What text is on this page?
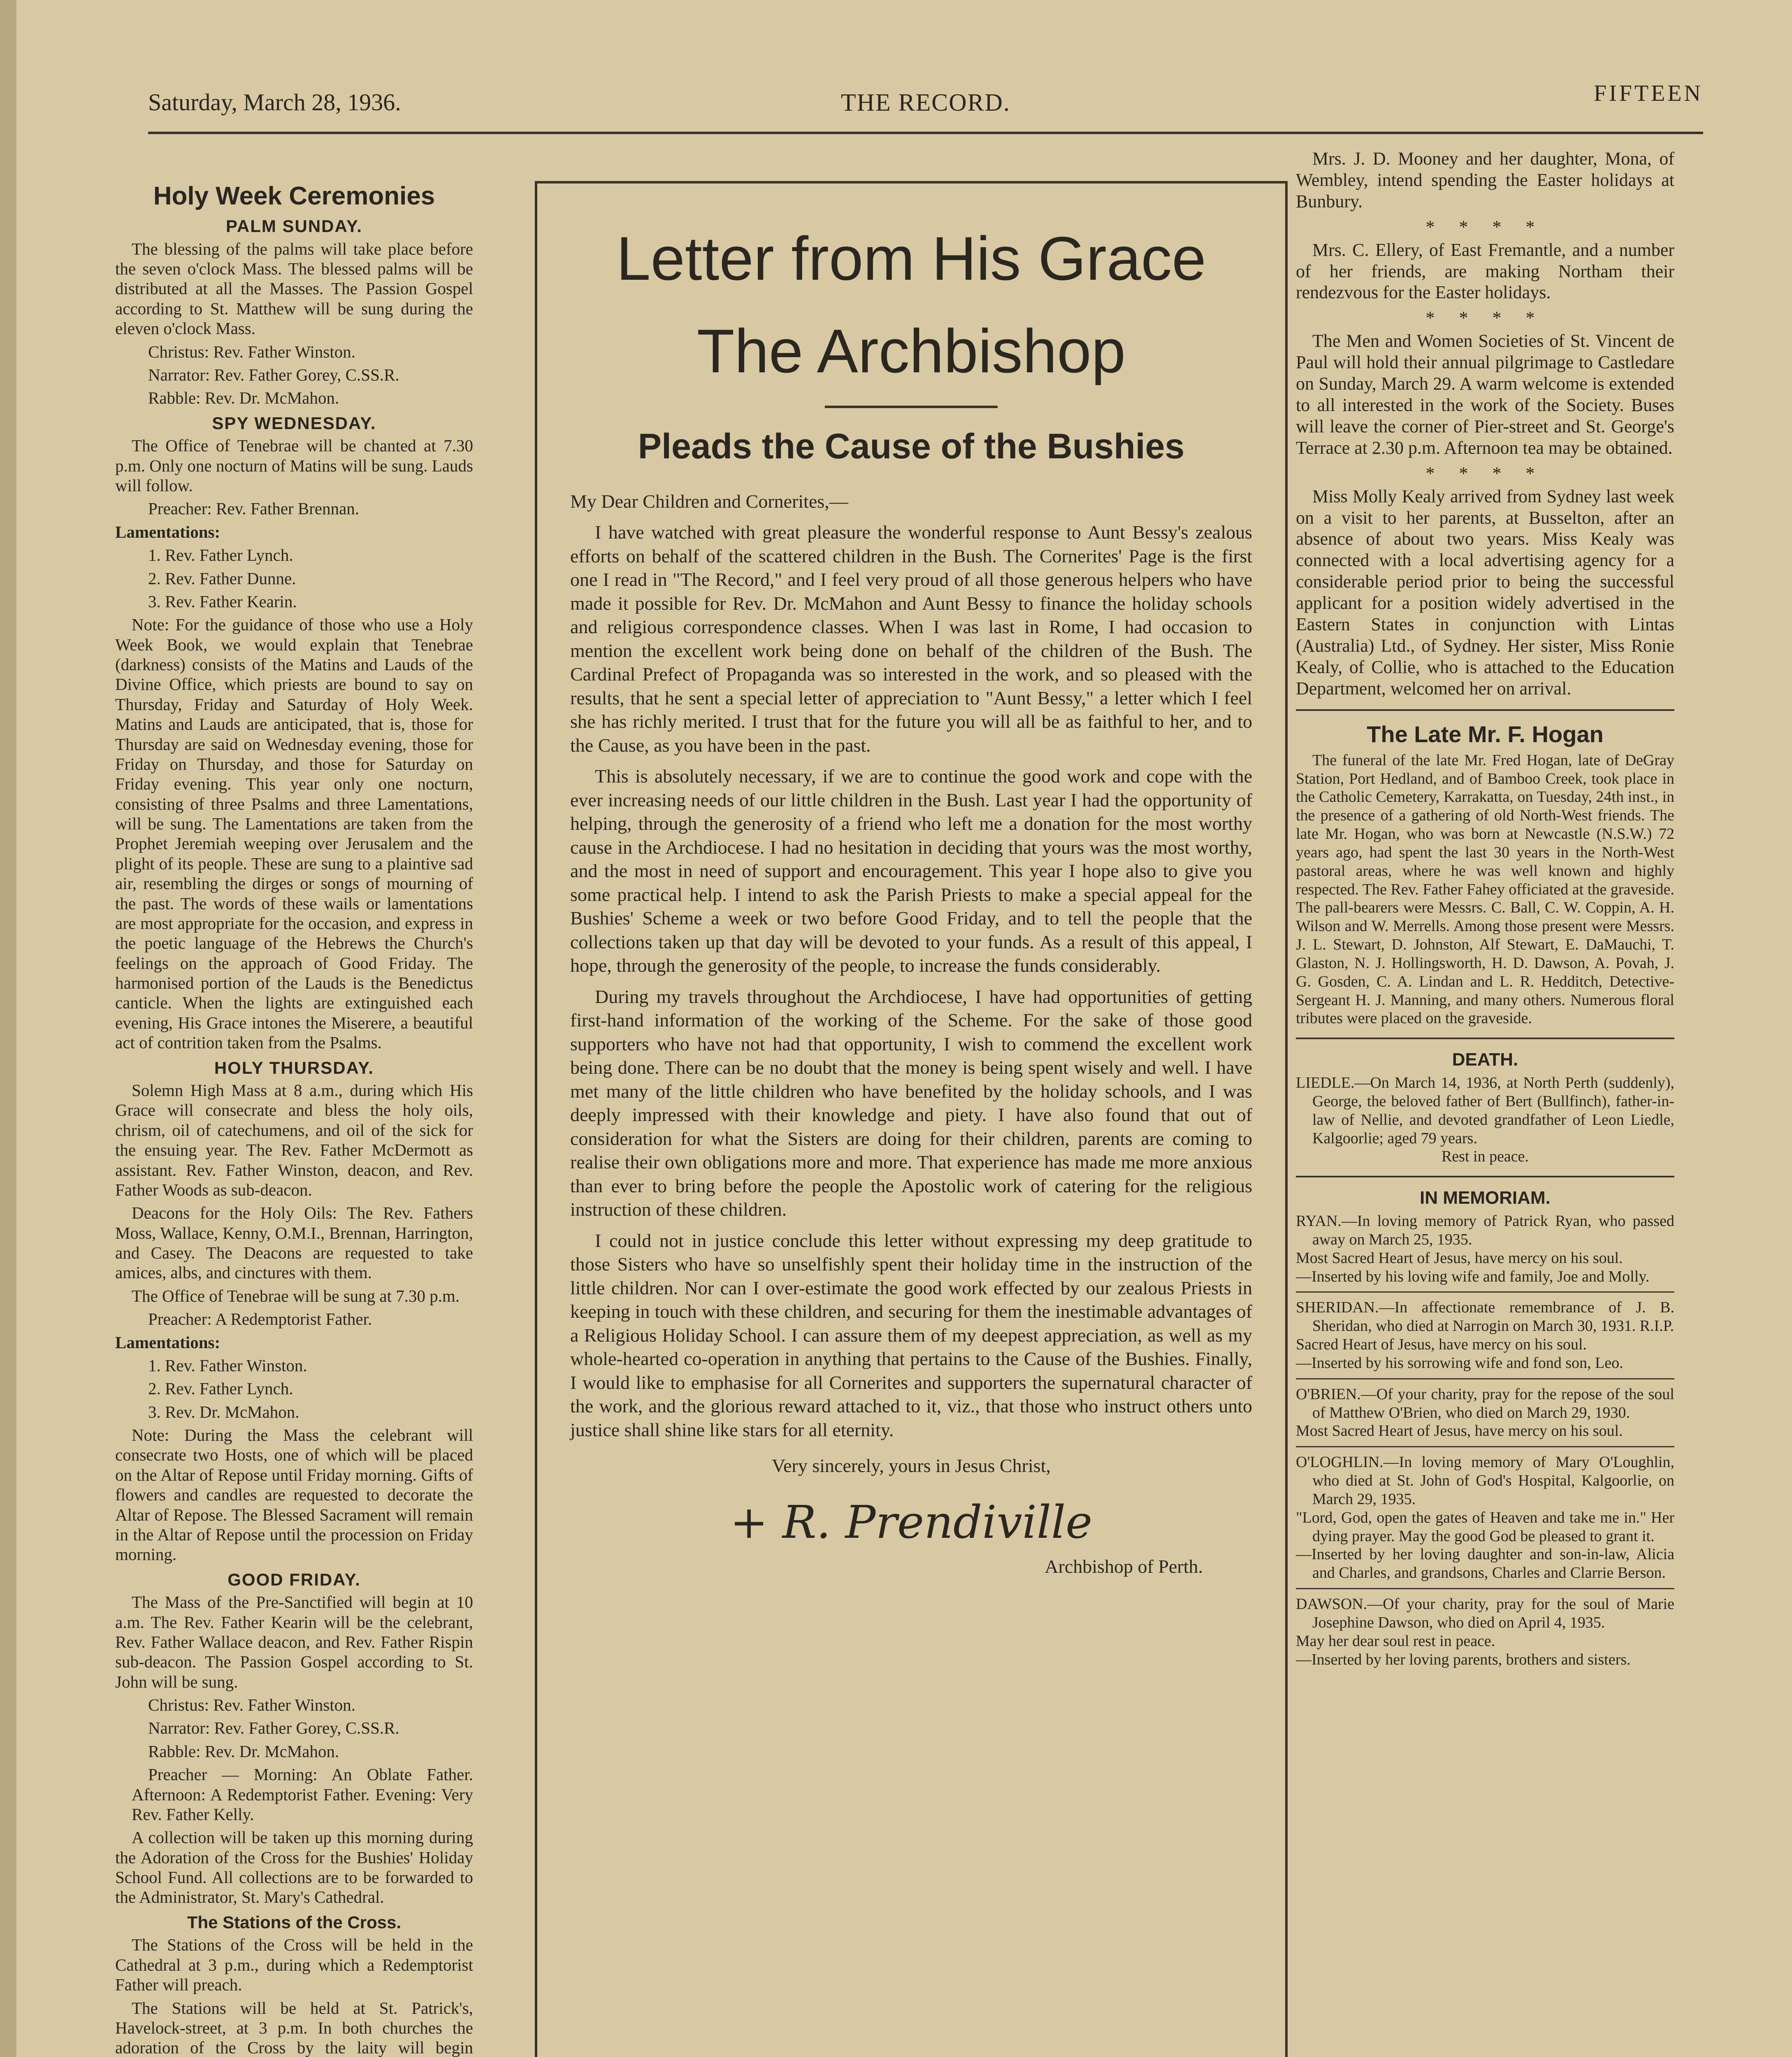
Saturday, March 28, 1936.	THE RECORD.	FIFTEEN
Holy Week Ceremonies
PALM SUNDAY.

The blessing of the palms will take place before the seven o'clock Mass. The blessed palms will be distributed at all the Masses. The Passion Gospel according to St. Matthew will be sung during the eleven o'clock Mass.

Christus: Rev. Father Winston.

Narrator: Rev. Father Gorey, C.SS.R.

Rabble: Rev. Dr. McMahon.

SPY WEDNESDAY.

The Office of Tenebrae will be chanted at 7.30 p.m. Only one nocturn of Matins will be sung. Lauds will follow.

Preacher: Rev. Father Brennan.

Lamentations:

1. Rev. Father Lynch.

2. Rev. Father Dunne.

3. Rev. Father Kearin.

Note: For the guidance of those who use a Holy Week Book, we would explain that Tenebrae (darkness) consists of the Matins and Lauds of the Divine Office, which priests are bound to say on Thursday, Friday and Saturday of Holy Week. Matins and Lauds are anticipated, that is, those for Thursday are said on Wednesday evening, those for Friday on Thursday, and those for Saturday on Friday evening. This year only one nocturn, consisting of three Psalms and three Lamentations, will be sung. The Lamentations are taken from the Prophet Jeremiah weeping over Jerusalem and the plight of its people. These are sung to a plaintive sad air, resembling the dirges or songs of mourning of the past. The words of these wails or lamentations are most appropriate for the occasion, and express in the poetic language of the Hebrews the Church's feelings on the approach of Good Friday. The harmonised portion of the Lauds is the Benedictus canticle. When the lights are extinguished each evening, His Grace intones the Miserere, a beautiful act of contrition taken from the Psalms.

HOLY THURSDAY.

Solemn High Mass at 8 a.m., during which His Grace will consecrate and bless the holy oils, chrism, oil of catechumens, and oil of the sick for the ensuing year. The Rev. Father McDermott as assistant. Rev. Father Winston, deacon, and Rev. Father Woods as sub-deacon.

Deacons for the Holy Oils: The Rev. Fathers Moss, Wallace, Kenny, O.M.I., Brennan, Harrington, and Casey. The Deacons are requested to take amices, albs, and cinctures with them.

The Office of Tenebrae will be sung at 7.30 p.m.

Preacher: A Redemptorist Father.

Lamentations:

1. Rev. Father Winston.

2. Rev. Father Lynch.

3. Rev. Dr. McMahon.

Note: During the Mass the celebrant will consecrate two Hosts, one of which will be placed on the Altar of Repose until Friday morning. Gifts of flowers and candles are requested to decorate the Altar of Repose. The Blessed Sacrament will remain in the Altar of Repose until the procession on Friday morning.

GOOD FRIDAY.

The Mass of the Pre-Sanctified will begin at 10 a.m. The Rev. Father Kearin will be the celebrant, Rev. Father Wallace deacon, and Rev. Father Rispin sub-deacon. The Passion Gospel according to St. John will be sung.

Christus: Rev. Father Winston.

Narrator: Rev. Father Gorey, C.SS.R.

Rabble: Rev. Dr. McMahon.

Preacher — Morning: An Oblate Father. Afternoon: A Redemptorist Father. Evening: Very Rev. Father Kelly.

A collection will be taken up this morning during the Adoration of the Cross for the Bushies' Holiday School Fund. All collections are to be forwarded to the Administrator, St. Mary's Cathedral.

The Stations of the Cross.

The Stations of the Cross will be held in the Cathedral at 3 p.m., during which a Redemptorist Father will preach.

The Stations will be held at St. Patrick's, Havelock-street, at 3 p.m. In both churches the adoration of the Cross by the laity will begin

Letter from His Grace
The Archbishop
Pleads the Cause of the Bushies

My Dear Children and Cornerites,—

I have watched with great pleasure the wonderful response to Aunt Bessy's zealous efforts on behalf of the scattered children in the Bush. The Cornerites' Page is the first one I read in "The Record," and I feel very proud of all those generous helpers who have made it possible for Rev. Dr. McMahon and Aunt Bessy to finance the holiday schools and religious correspondence classes. When I was last in Rome, I had occasion to mention the excellent work being done on behalf of the children of the Bush. The Cardinal Prefect of Propaganda was so interested in the work, and so pleased with the results, that he sent a special letter of appreciation to "Aunt Bessy," a letter which I feel she has richly merited. I trust that for the future you will all be as faithful to her, and to the Cause, as you have been in the past.

This is absolutely necessary, if we are to continue the good work and cope with the ever increasing needs of our little children in the Bush. Last year I had the opportunity of helping, through the generosity of a friend who left me a donation for the most worthy cause in the Archdiocese. I had no hesitation in deciding that yours was the most worthy, and the most in need of support and encouragement. This year I hope also to give you some practical help. I intend to ask the Parish Priests to make a special appeal for the Bushies' Scheme a week or two before Good Friday, and to tell the people that the collections taken up that day will be devoted to your funds. As a result of this appeal, I hope, through the generosity of the people, to increase the funds considerably.

During my travels throughout the Archdiocese, I have had opportunities of getting first-hand information of the working of the Scheme. For the sake of those good supporters who have not had that opportunity, I wish to commend the excellent work being done. There can be no doubt that the money is being spent wisely and well. I have met many of the little children who have benefited by the holiday schools, and I was deeply impressed with their knowledge and piety. I have also found that out of consideration for what the Sisters are doing for their children, parents are coming to realise their own obligations more and more. That experience has made me more anxious than ever to bring before the people the Apostolic work of catering for the religious instruction of these children.

I could not in justice conclude this letter without expressing my deep gratitude to those Sisters who have so unselfishly spent their holiday time in the instruction of the little children. Nor can I over-estimate the good work effected by our zealous Priests in keeping in touch with these children, and securing for them the inestimable advantages of a Religious Holiday School. I can assure them of my deepest appreciation, as well as my whole-hearted co-operation in anything that pertains to the Cause of the Bushies. Finally, I would like to emphasise for all Cornerites and supporters the supernatural character of the work, and the glorious reward attached to it, viz., that those who instruct others unto justice shall shine like stars for all eternity.

Very sincerely, yours in Jesus Christ,

+ R. Prendiville

Archbishop of Perth.

Mrs. J. D. Mooney and her daughter, Mona, of Wembley, intend spending the Easter holidays at Bunbury.

* * * *

Mrs. C. Ellery, of East Fremantle, and a number of her friends, are making Northam their rendezvous for the Easter holidays.

* * * *

The Men and Women Societies of St. Vincent de Paul will hold their annual pilgrimage to Castledare on Sunday, March 29. A warm welcome is extended to all interested in the work of the Society. Buses will leave the corner of Pier-street and St. George's Terrace at 2.30 p.m. Afternoon tea may be obtained.

* * * *

Miss Molly Kealy arrived from Sydney last week on a visit to her parents, at Busselton, after an absence of about two years. Miss Kealy was connected with a local advertising agency for a considerable period prior to being the successful applicant for a position widely advertised in the Eastern States in conjunction with Lintas (Australia) Ltd., of Sydney. Her sister, Miss Ronie Kealy, of Collie, who is attached to the Education Department, welcomed her on arrival.

The Late Mr. F. Hogan

The funeral of the late Mr. Fred Hogan, late of DeGray Station, Port Hedland, and of Bamboo Creek, took place in the Catholic Cemetery, Karrakatta, on Tuesday, 24th inst., in the presence of a gathering of old North-West friends. The late Mr. Hogan, who was born at Newcastle (N.S.W.) 72 years ago, had spent the last 30 years in the North-West pastoral areas, where he was well known and highly respected. The Rev. Father Fahey officiated at the graveside. The pall-bearers were Messrs. C. Ball, C. W. Coppin, A. H. Wilson and W. Merrells. Among those present were Messrs. J. L. Stewart, D. Johnston, Alf Stewart, E. DaMauchi, T. Glaston, N. J. Hollingsworth, H. D. Dawson, A. Povah, J. G. Gosden, C. A. Lindan and L. R. Hedditch, Detective-Sergeant H. J. Manning, and many others. Numerous floral tributes were placed on the graveside.

DEATH.

LIEDLE.—On March 14, 1936, at North Perth (suddenly), George, the beloved father of Bert (Bullfinch), father-in-law of Nellie, and devoted grandfather of Leon Liedle, Kalgoorlie; aged 79 years.
Rest in peace.

IN MEMORIAM.

RYAN.—In loving memory of Patrick Ryan, who passed away on March 25, 1935.
Most Sacred Heart of Jesus, have mercy on his soul.
—Inserted by his loving wife and family, Joe and Molly.

SHERIDAN.—In affectionate remembrance of J. B. Sheridan, who died at Narrogin on March 30, 1931. R.I.P.
Sacred Heart of Jesus, have mercy on his soul.
—Inserted by his sorrowing wife and fond son, Leo.

O'BRIEN.—Of your charity, pray for the repose of the soul of Matthew O'Brien, who died on March 29, 1930.
Most Sacred Heart of Jesus, have mercy on his soul.

O'LOGHLIN.—In loving memory of Mary O'Loughlin, who died at St. John of God's Hospital, Kalgoorlie, on March 29, 1935.
"Lord, God, open the gates of Heaven and take me in." Her dying prayer. May the good God be pleased to grant it.
—Inserted by her loving daughter and son-in-law, Alicia and Charles, and grandsons, Charles and Clarrie Berson.

DAWSON.—Of your charity, pray for the soul of Marie Josephine Dawson, who died on April 4, 1935.
May her dear soul rest in peace.
—Inserted by her loving parents, brothers and sisters.
